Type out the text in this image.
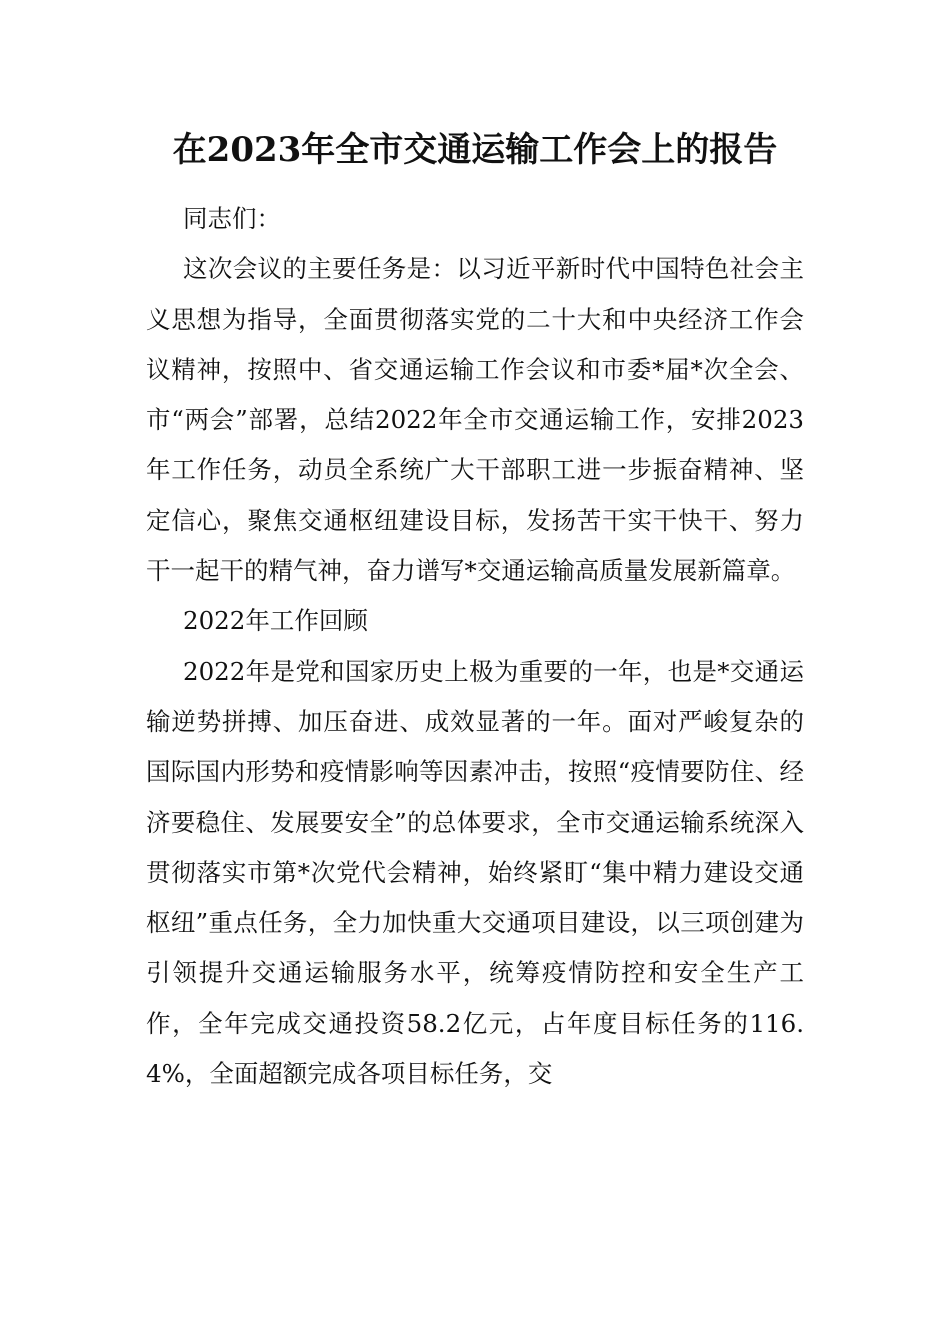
在2023年全市交通运输工作会上的报告

同志们：

这次会议的主要任务是：以习近平新时代中国特色社会主义思想为指导，全面贯彻落实党的二十大和中央经济工作会议精神，按照中、省交通运输工作会议和市委*届*次全会、市“两会”部署，总结2022年全市交通运输工作，安排2023年工作任务，动员全系统广大干部职工进一步振奋精神、坚定信心，聚焦交通枢纽建设目标，发扬苦干实干快干、努力干一起干的精气神，奋力谱写*交通运输高质量发展新篇章。

2022年工作回顾

2022年是党和国家历史上极为重要的一年，也是*交通运输逆势拼搏、加压奋进、成效显著的一年。面对严峻复杂的国际国内形势和疫情影响等因素冲击，按照“疫情要防住、经济要稳住、发展要安全”的总体要求，全市交通运输系统深入贯彻落实市第*次党代会精神，始终紧盯“集中精力建设交通枢纽”重点任务，全力加快重大交通项目建设，以三项创建为引领提升交通运输服务水平，统筹疫情防控和安全生产工作，全年完成交通投资58.2亿元，占年度目标任务的116.4%，全面超额完成各项目标任务，交
